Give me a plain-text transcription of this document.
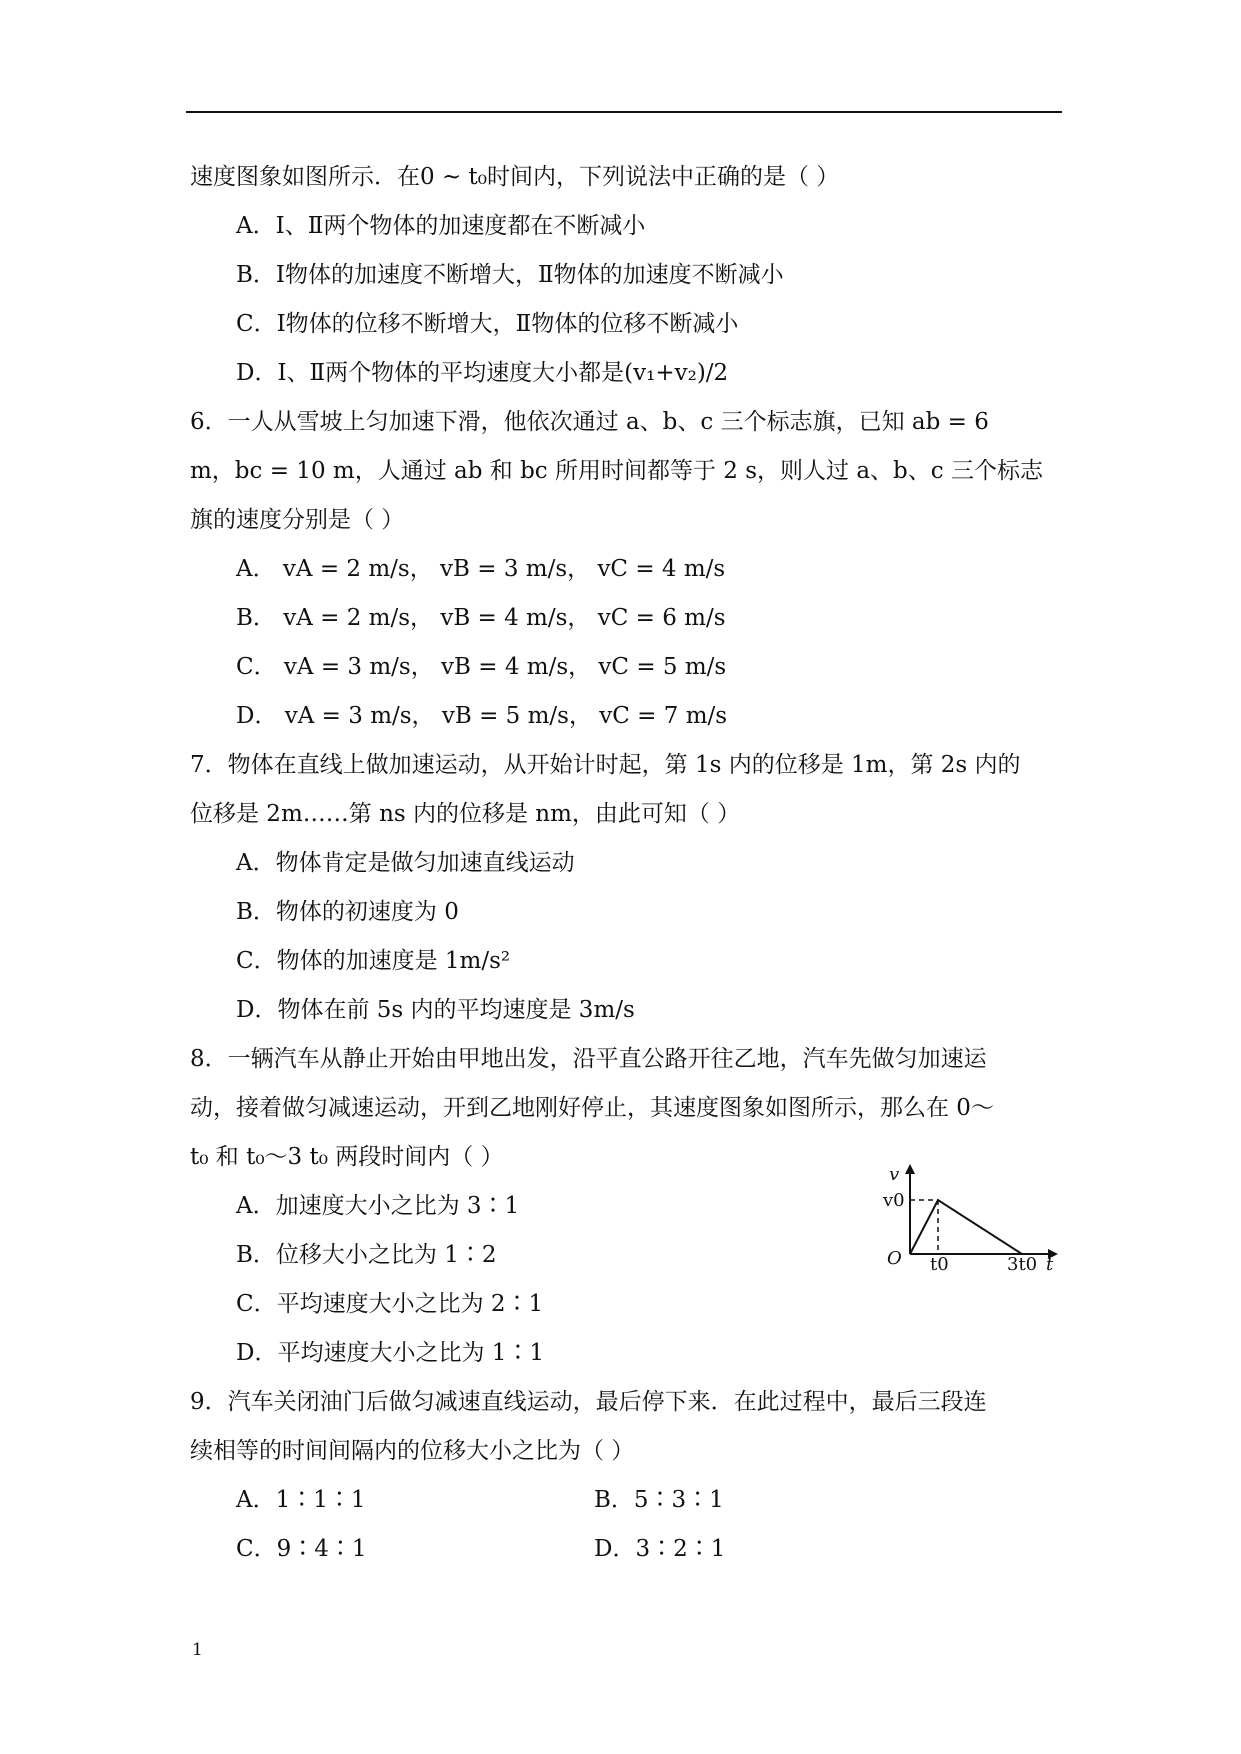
速度图象如图所示．在0 ~ t₀时间内，下列说法中正确的是（ ）
A．Ⅰ、Ⅱ两个物体的加速度都在不断减小
B．Ⅰ物体的加速度不断增大，Ⅱ物体的加速度不断减小
C．Ⅰ物体的位移不断增大，Ⅱ物体的位移不断减小
D．Ⅰ、Ⅱ两个物体的平均速度大小都是(v₁+v₂)/2
6．一人从雪坡上匀加速下滑，他依次通过 a、b、c 三个标志旗，已知 ab = 6
m，bc = 10 m，人通过 ab 和 bc 所用时间都等于 2 s，则人过 a、b、c 三个标志
旗的速度分别是（ ）
A． vA = 2 m/s， vB = 3 m/s， vC = 4 m/s
B． vA = 2 m/s， vB = 4 m/s， vC = 6 m/s
C． vA = 3 m/s， vB = 4 m/s， vC = 5 m/s
D． vA = 3 m/s， vB = 5 m/s， vC = 7 m/s
7．物体在直线上做加速运动，从开始计时起，第 1s 内的位移是 1m，第 2s 内的
位移是 2m……第 ns 内的位移是 nm，由此可知（ ）
A．物体肯定是做匀加速直线运动
B．物体的初速度为 0
C．物体的加速度是 1m/s²
D．物体在前 5s 内的平均速度是 3m/s
8．一辆汽车从静止开始由甲地出发，沿平直公路开往乙地，汽车先做匀加速运
动，接着做匀减速运动，开到乙地刚好停止，其速度图象如图所示，那么在 0～
t₀ 和 t₀～3 t₀ 两段时间内（ ）
A．加速度大小之比为 3∶1
B．位移大小之比为 1∶2
C．平均速度大小之比为 2∶1
D．平均速度大小之比为 1∶1
v
v0
O t0	3t0 t
9．汽车关闭油门后做匀减速直线运动，最后停下来．在此过程中，最后三段连
续相等的时间间隔内的位移大小之比为（ ）
A．1∶1∶1	B．5∶3∶1
C．9∶4∶1	D．3∶2∶1
1
